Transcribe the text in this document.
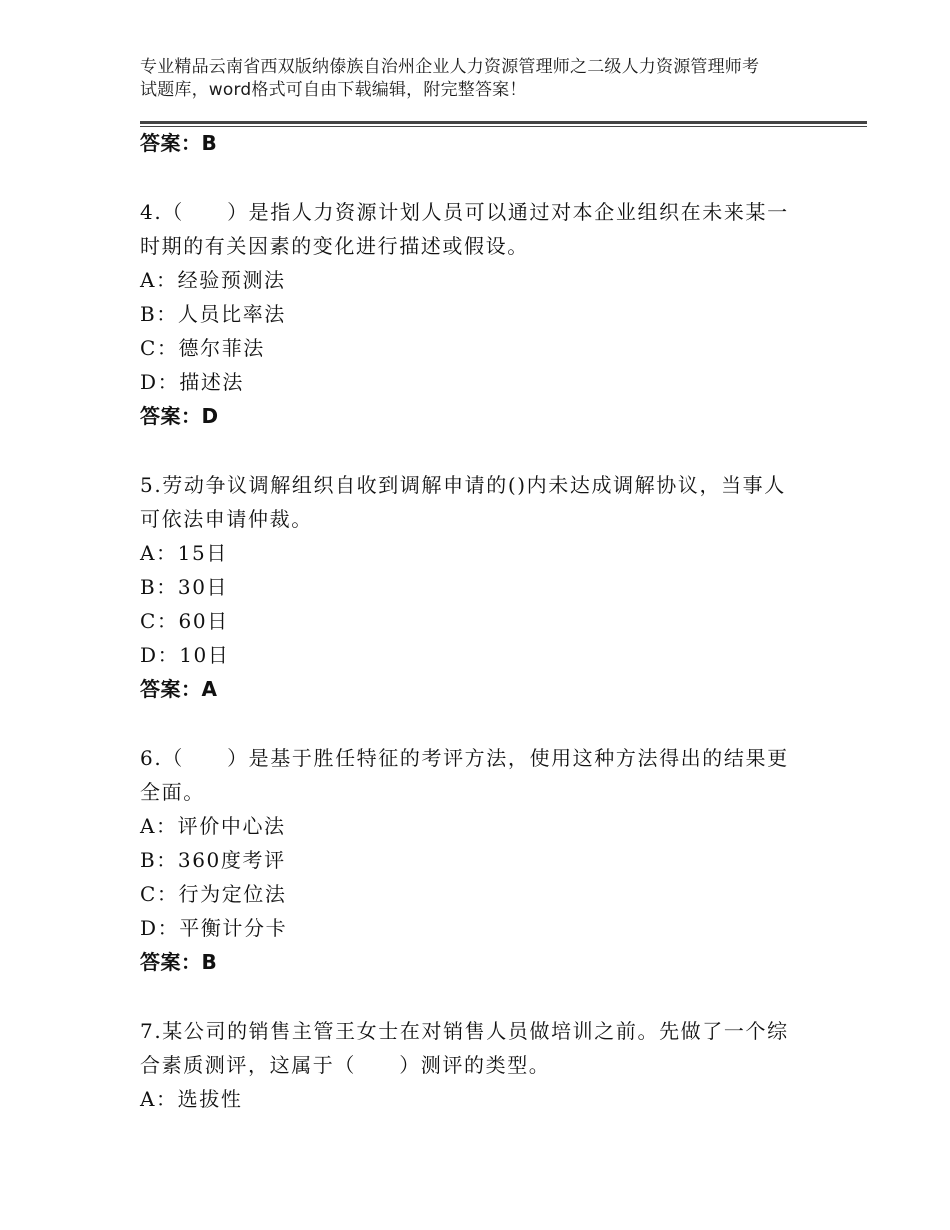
专业精品云南省西双版纳傣族自治州企业人力资源管理师之二级人力资源管理师考
试题库，word格式可自由下载编辑，附完整答案！
答案：B
4.（　　）是指人力资源计划人员可以通过对本企业组织在未来某一
时期的有关因素的变化进行描述或假设。
A：经验预测法
B：人员比率法
C：德尔菲法
D：描述法
答案：D
5.劳动争议调解组织自收到调解申请的()内未达成调解协议，当事人
可依法申请仲裁。
A：15日
B：30日
C：60日
D：10日
答案：A
6.（　　）是基于胜任特征的考评方法，使用这种方法得出的结果更
全面。
A：评价中心法
B：360度考评
C：行为定位法
D：平衡计分卡
答案：B
7.某公司的销售主管王女士在对销售人员做培训之前。先做了一个综
合素质测评，这属于（　　）测评的类型。
A：选拔性
